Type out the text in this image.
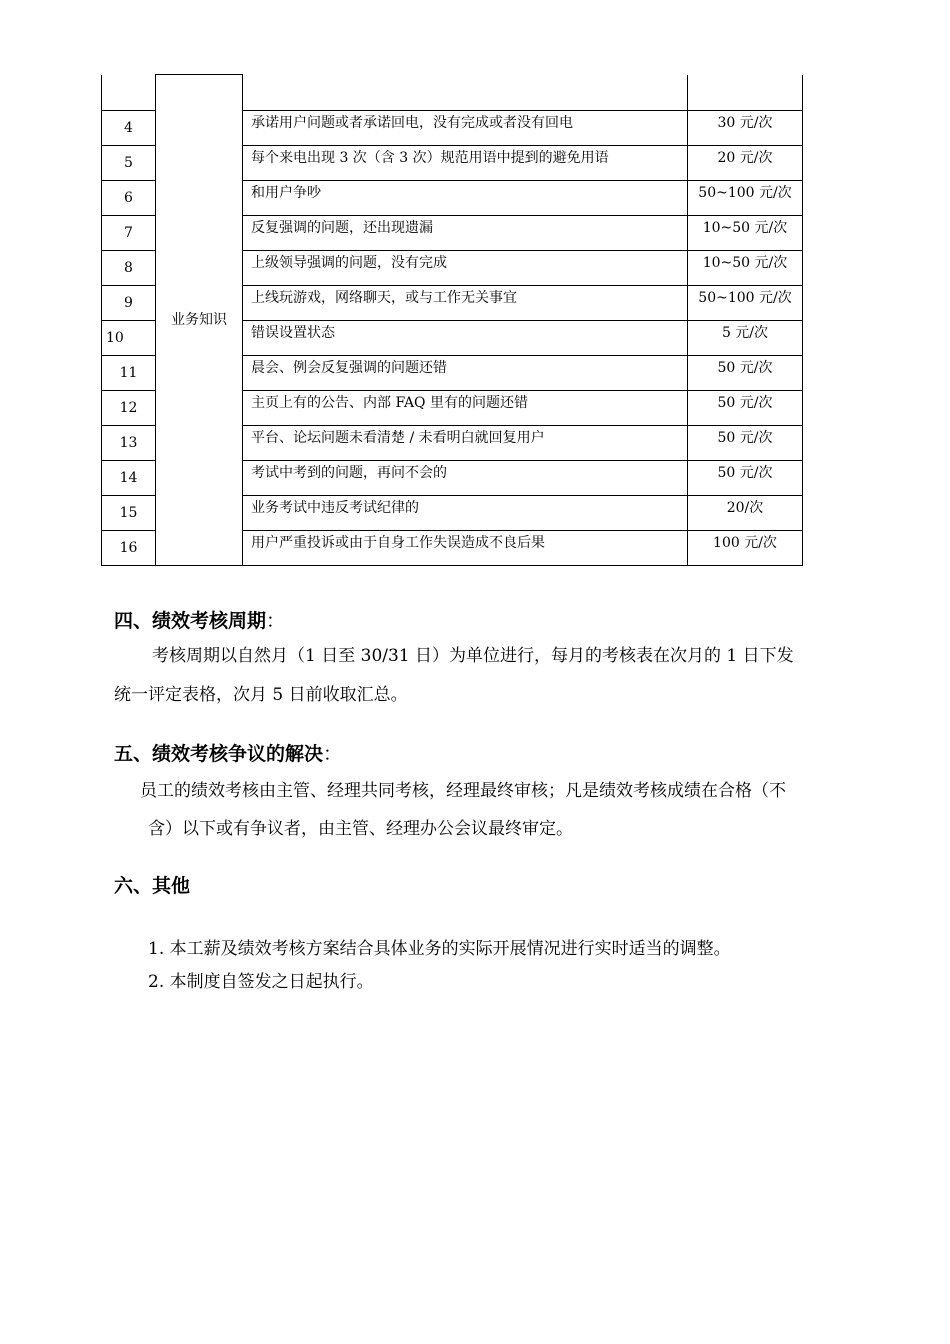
	业务知识		
4		承诺用户问题或者承诺回电，没有完成或者没有回电	30 元/次
5		每个来电出现 3 次（含 3 次）规范用语中提到的避免用语	20 元/次
6		和用户争吵	50~100 元/次
7		反复强调的问题，还出现遗漏	10~50 元/次
8		上级领导强调的问题，没有完成	10~50 元/次
9		上线玩游戏，网络聊天，或与工作无关事宜	50~100 元/次
10		错误设置状态	5 元/次
11		晨会、例会反复强调的问题还错	50 元/次
12		主页上有的公告、内部 FAQ 里有的问题还错	50 元/次
13		平台、论坛问题未看清楚 / 未看明白就回复用户	50 元/次
14		考试中考到的问题，再问不会的	50 元/次
15		业务考试中违反考试纪律的	20/次
16		用户严重投诉或由于自身工作失误造成不良后果	100 元/次
四、绩效考核周期：

考核周期以自然月（1 日至 30/31 日）为单位进行，每月的考核表在次月的 1 日下发

统一评定表格，次月 5 日前收取汇总。

五、绩效考核争议的解决：

员工的绩效考核由主管、经理共同考核，经理最终审核；凡是绩效考核成绩在合格（不

含）以下或有争议者，由主管、经理办公会议最终审定。

六、其他

1. 本工薪及绩效考核方案结合具体业务的实际开展情况进行实时适当的调整。

2. 本制度自签发之日起执行。
